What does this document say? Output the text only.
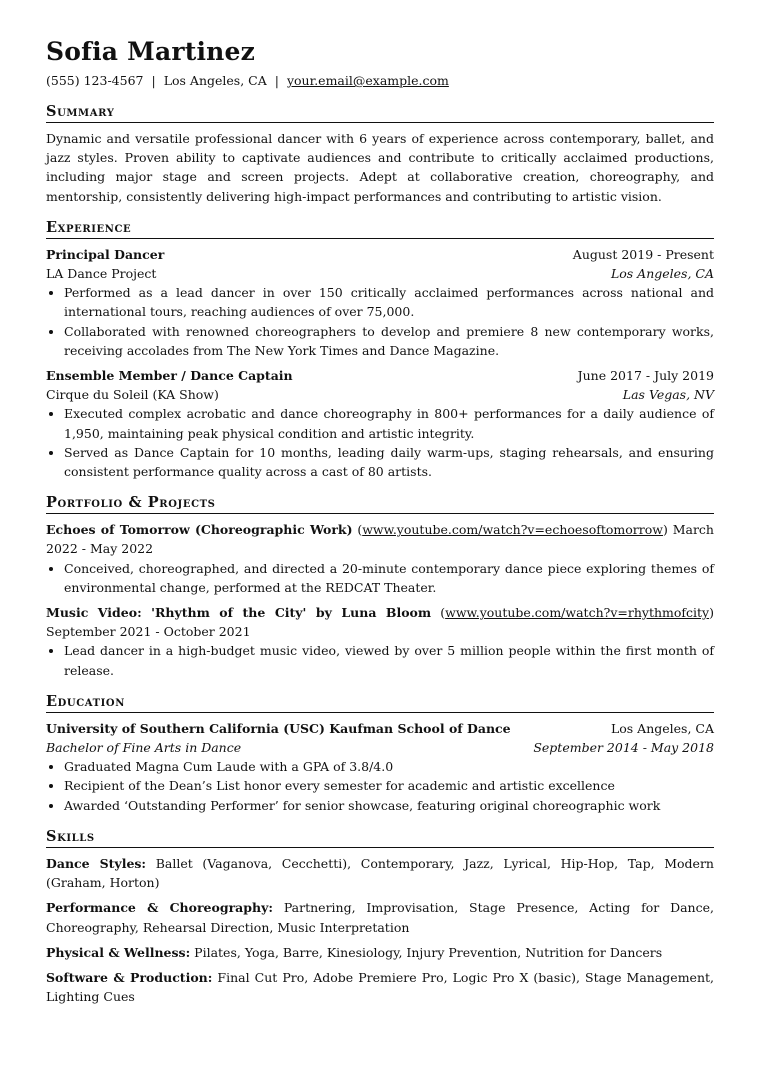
Sofia Martinez
(555) 123-4567 | Los Angeles, CA | your.email@example.com
Summary

Dynamic and versatile professional dancer with 6 years of experience across contemporary, ballet, and jazz styles. Proven ability to captivate audiences and contribute to critically acclaimed productions, including major stage and screen projects. Adept at collaborative creation, choreography, and mentorship, consistently delivering high-impact performances and contributing to artistic vision.

Experience
Principal Dancer	August 2019 - Present
LA Dance Project	Los Angeles, CA
• Performed as a lead dancer in over 150 critically acclaimed performances across national and international tours, reaching audiences of over 75,000.
• Collaborated with renowned choreographers to develop and premiere 8 new contemporary works, receiving accolades from The New York Times and Dance Magazine.
Ensemble Member / Dance Captain	June 2017 - July 2019
Cirque du Soleil (KA Show)	Las Vegas, NV
• Executed complex acrobatic and dance choreography in 800+ performances for a daily audience of 1,950, maintaining peak physical condition and artistic integrity.
• Served as Dance Captain for 10 months, leading daily warm-ups, staging rehearsals, and ensuring consistent performance quality across a cast of 80 artists.
Portfolio & Projects
Echoes of Tomorrow (Choreographic Work) (www.youtube.com/watch?v=echoesoftomorrow) March 2022 - May 2022
• Conceived, choreographed, and directed a 20-minute contemporary dance piece exploring themes of environmental change, performed at the REDCAT Theater.
Music Video: 'Rhythm of the City' by Luna Bloom (www.youtube.com/watch?v=rhythmofcity) September 2021 - October 2021
• Lead dancer in a high-budget music video, viewed by over 5 million people within the first month of release.
Education
University of Southern California (USC) Kaufman School of Dance	Los Angeles, CA
Bachelor of Fine Arts in Dance	September 2014 - May 2018
• Graduated Magna Cum Laude with a GPA of 3.8/4.0
• Recipient of the Dean’s List honor every semester for academic and artistic excellence
• Awarded ‘Outstanding Performer’ for senior showcase, featuring original choreographic work
Skills
Dance Styles: Ballet (Vaganova, Cecchetti), Contemporary, Jazz, Lyrical, Hip-Hop, Tap, Modern (Graham, Horton)
Performance & Choreography: Partnering, Improvisation, Stage Presence, Acting for Dance, Choreography, Rehearsal Direction, Music Interpretation
Physical & Wellness: Pilates, Yoga, Barre, Kinesiology, Injury Prevention, Nutrition for Dancers
Software & Production: Final Cut Pro, Adobe Premiere Pro, Logic Pro X (basic), Stage Management, Lighting Cues
